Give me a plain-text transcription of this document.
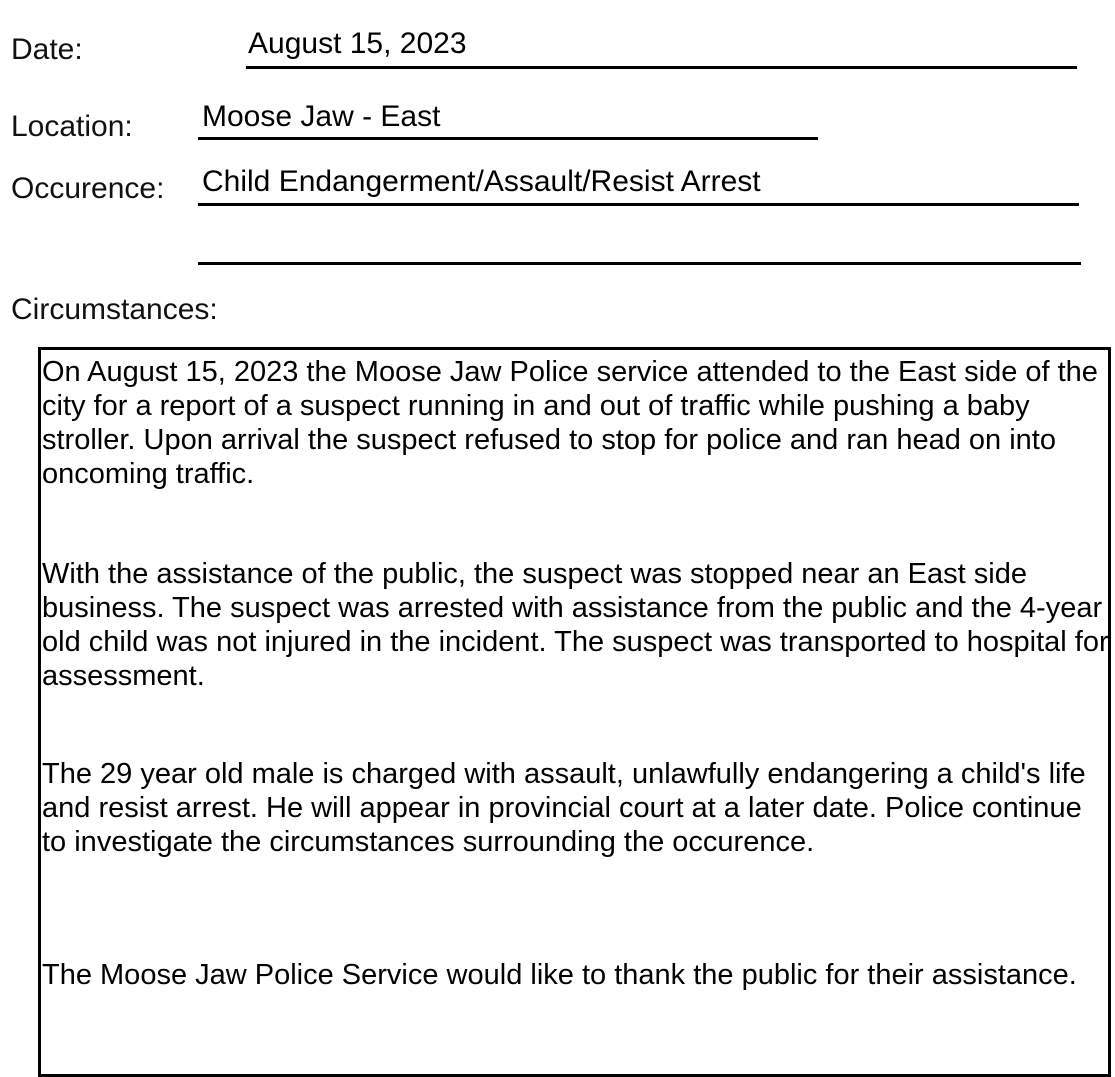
Date:	August 15, 2023
Location: Moose Jaw - East
Occurence: Child Endangerment/Assault/Resist Arrest
Circumstances:
On August 15, 2023 the Moose Jaw Police service attended to the East side of the city for a report of a suspect running in and out of traffic while pushing a baby stroller. Upon arrival the suspect refused to stop for police and ran head on into oncoming traffic.
With the assistance of the public, the suspect was stopped near an East side business. The suspect was arrested with assistance from the public and the 4-year old child was not injured in the incident. The suspect was transported to hospital for assessment.
The 29 year old male is charged with assault, unlawfully endangering a child's life and resist arrest. He will appear in provincial court at a later date. Police continue to investigate the circumstances surrounding the occurence.
The Moose Jaw Police Service would like to thank the public for their assistance.
